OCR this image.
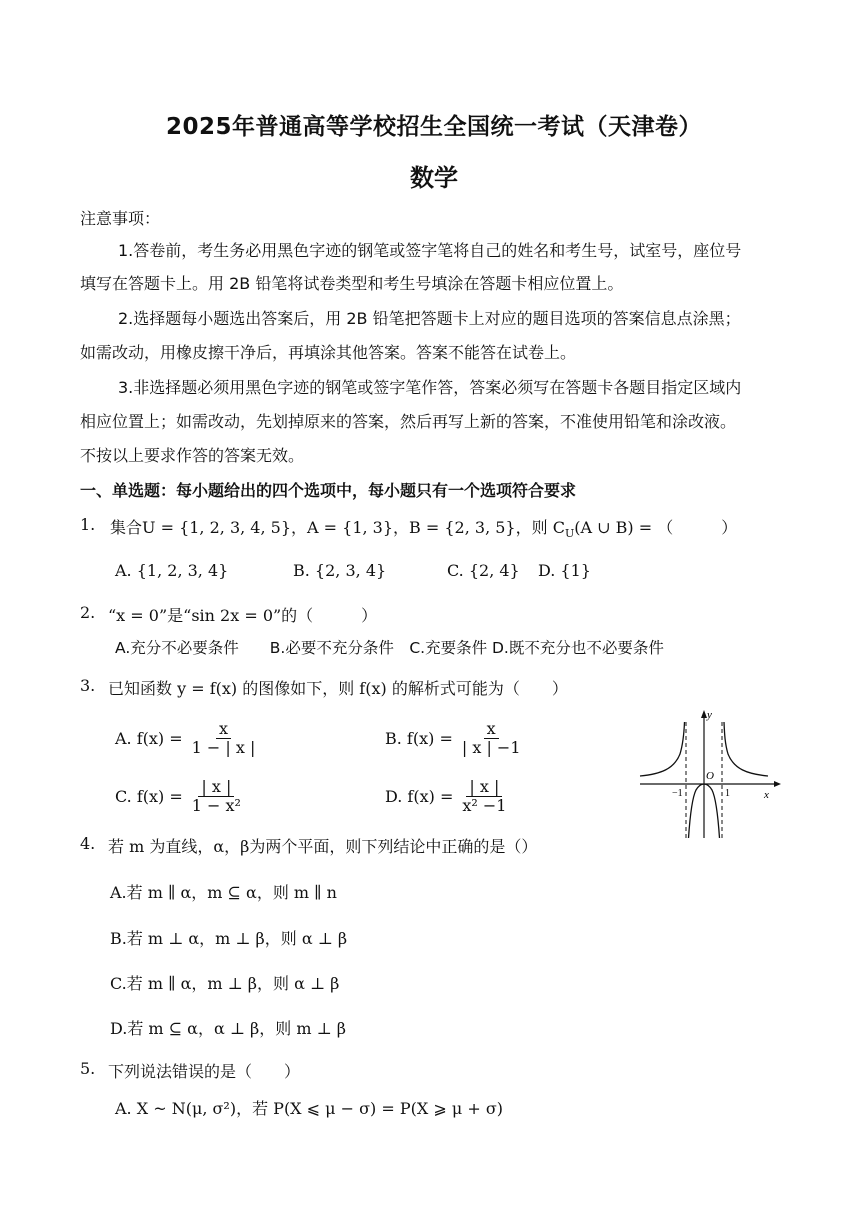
2025年普通高等学校招生全国统一考试（天津卷）
数学
注意事项：
1.答卷前，考生务必用黑色字迹的钢笔或签字笔将自己的姓名和考生号，试室号，座位号
填写在答题卡上。用 2B 铅笔将试卷类型和考生号填涂在答题卡相应位置上。
2.选择题每小题选出答案后，用 2B 铅笔把答题卡上对应的题目选项的答案信息点涂黑；
如需改动，用橡皮擦干净后，再填涂其他答案。答案不能答在试卷上。
3.非选择题必须用黑色字迹的钢笔或签字笔作答，答案必须写在答题卡各题目指定区域内
相应位置上；如需改动，先划掉原来的答案，然后再写上新的答案，不准使用铅笔和涂改液。
不按以上要求作答的答案无效。
一、单选题：每小题给出的四个选项中，每小题只有一个选项符合要求
1. 集合U = {1, 2, 3, 4, 5}，A = {1, 3}，B = {2, 3, 5}，则 $C_U(A$ ∪ B) = （　　　）
A. {1, 2, 3, 4}	B. {2, 3, 4}	C. {2, 4} D. {1}
2. “x = 0”是“sin 2x = 0”的（　　　）
A.充分不必要条件　　B.必要不充分条件　C.充要条件 D.既不充分也不必要条件
3. 已知函数 y = f(x) 的图像如下，则 f(x) 的解析式可能为（　　）
A. $f(x) = \frac{x}{1 - | x |}$	B. $f(x) = \frac{x}{| x | -1}$
C. $f(x) = \frac{| x |}{\text{1 − x²}}$	D. $f(x) = \frac{| x |}{\text{x² −1}}$
y
x
O
−1	1
4. 若 m 为直线，α，β为两个平面，则下列结论中正确的是（）
A.若 m ∥ α，m ⊆ α，则 m ∥ n
B.若 m ⊥ α，m ⊥ β，则 α ⊥ β
C.若 m ∥ α，m ⊥ β，则 α ⊥ β
D.若 m ⊆ α，α ⊥ β，则 m ⊥ β
5. 下列说法错误的是（　　）
A. X ~ N(μ, σ²)，若 P(X ⩽ μ − σ) = P(X ⩾ μ + σ)
